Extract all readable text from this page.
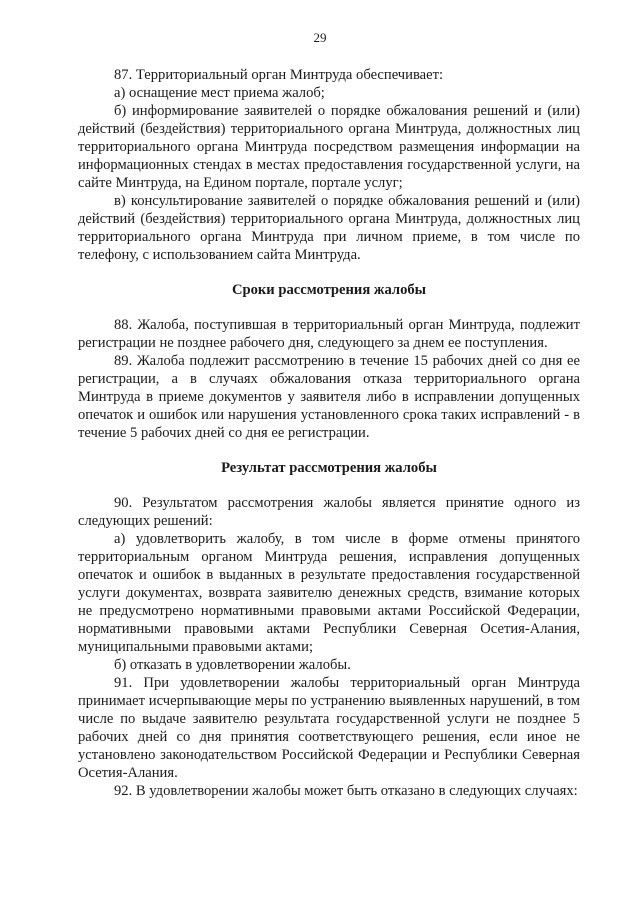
29

87. Территориальный орган Минтруда обеспечивает:

а) оснащение мест приема жалоб;

б) информирование заявителей о порядке обжалования решений и (или) действий (бездействия) территориального органа Минтруда, должностных лиц территориального органа Минтруда посредством размещения информации на информационных стендах в местах предоставления государственной услуги, на сайте Минтруда, на Едином портале, портале услуг;

в) консультирование заявителей о порядке обжалования решений и (или) действий (бездействия) территориального органа Минтруда, должностных лиц территориального органа Минтруда при личном приеме, в том числе по телефону, с использованием сайта Минтруда.

Сроки рассмотрения жалобы

88. Жалоба, поступившая в территориальный орган Минтруда, подлежит регистрации не позднее рабочего дня, следующего за днем ее поступления.

89. Жалоба подлежит рассмотрению в течение 15 рабочих дней со дня ее регистрации, а в случаях обжалования отказа территориального органа Минтруда в приеме документов у заявителя либо в исправлении допущенных опечаток и ошибок или нарушения установленного срока таких исправлений - в течение 5 рабочих дней со дня ее регистрации.

Результат рассмотрения жалобы

90. Результатом рассмотрения жалобы является принятие одного из следующих решений:

а) удовлетворить жалобу, в том числе в форме отмены принятого территориальным органом Минтруда решения, исправления допущенных опечаток и ошибок в выданных в результате предоставления государственной услуги документах, возврата заявителю денежных средств, взимание которых не предусмотрено нормативными правовыми актами Российской Федерации, нормативными правовыми актами Республики Северная Осетия-Алания, муниципальными правовыми актами;

б) отказать в удовлетворении жалобы.

91. При удовлетворении жалобы территориальный орган Минтруда принимает исчерпывающие меры по устранению выявленных нарушений, в том числе по выдаче заявителю результата государственной услуги не позднее 5 рабочих дней со дня принятия соответствующего решения, если иное не установлено законодательством Российской Федерации и Республики Северная Осетия-Алания.

92. В удовлетворении жалобы может быть отказано в следующих случаях:
